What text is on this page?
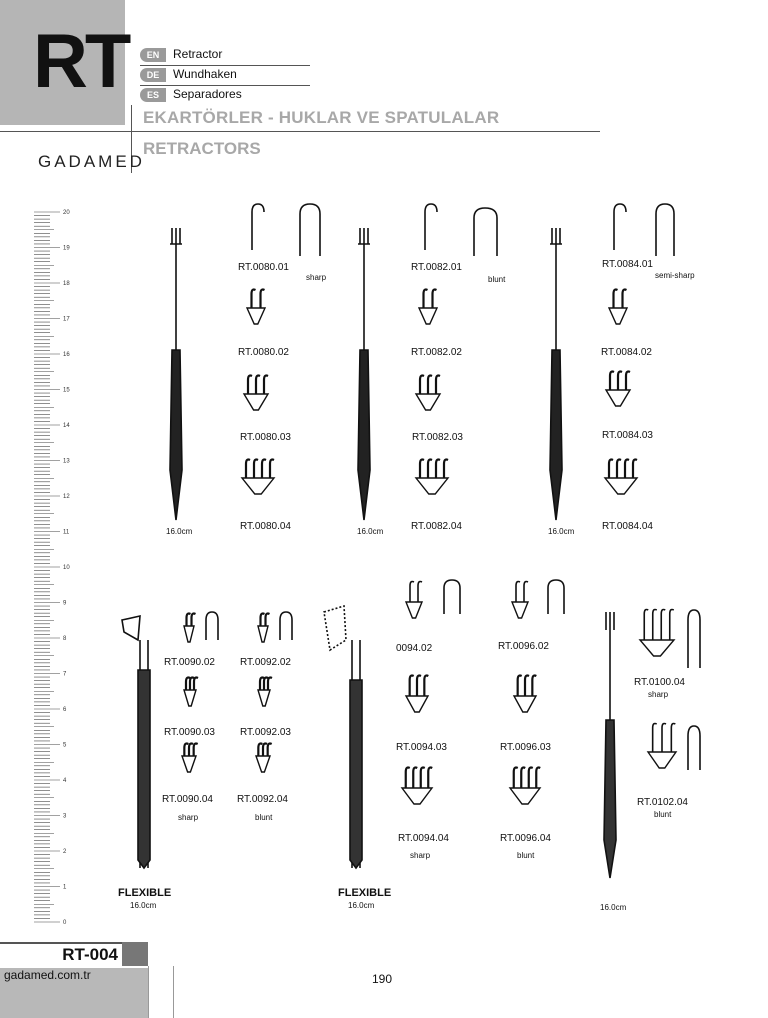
RT	EN	Retractor
DE	Wundhaken
ES	Separadores
EKARTÖRLER - HUKLAR VE SPATULALAR
RETRACTORS
GADAMED
20
19
18
17
16
15
14
13
12
11
10
9
8
7
6
5
4
3
2
1
0
RT.0080.01
sharp
RT.0080.02
RT.0080.03
RT.0080.04
16.0cm
RT.0082.01
blunt
RT.0082.02
RT.0082.03
RT.0082.04
16.0cm
RT.0084.01
semi-sharp
RT.0084.02
RT.0084.03
RT.0084.04
16.0cm
RT.0090.02
RT.0090.03
RT.0090.04
sharp
RT.0092.02
RT.0092.03
RT.0092.04
blunt
FLEXIBLE
16.0cm
0094.02
RT.0094.03
RT.0094.04
sharp
RT.0096.02
RT.0096.03
RT.0096.04
blunt
FLEXIBLE
16.0cm
RT.0100.04
sharp
RT.0102.04
blunt
16.0cm
RT-004
gadamed.com.tr	190
